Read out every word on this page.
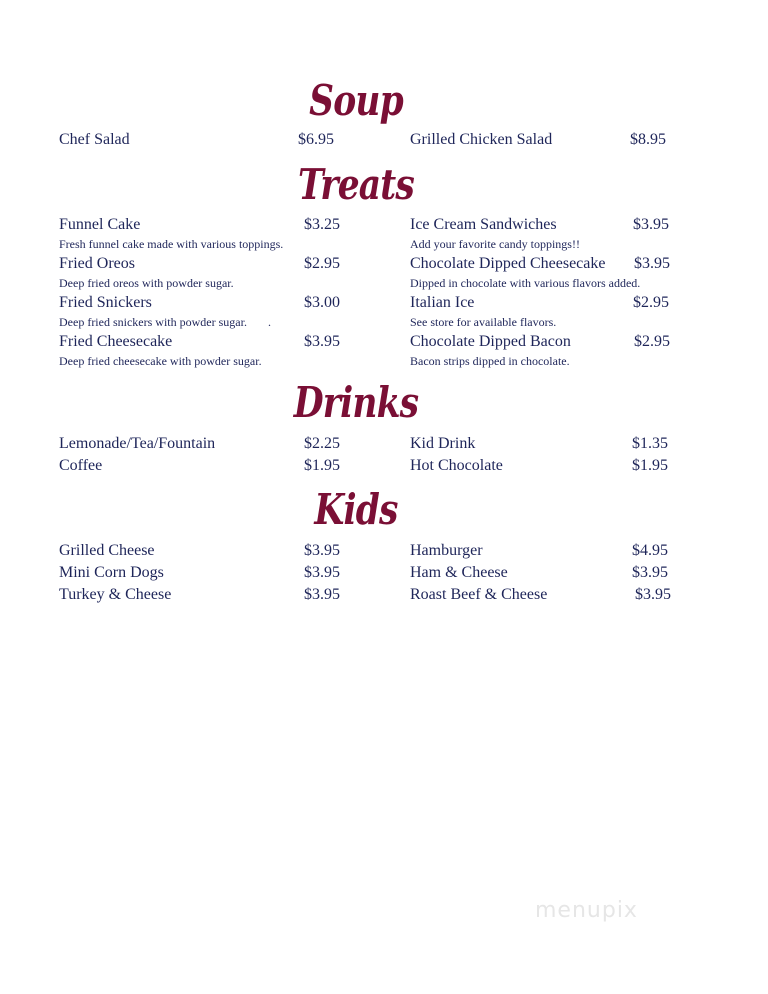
Soup
Chef Salad	$6.95	Grilled Chicken Salad	$8.95
Treats
Funnel Cake	$3.25
Fresh funnel cake made with various toppings.
Fried Oreos	$2.95
Deep fried oreos with powder sugar.
Fried Snickers	$3.00
Deep fried snickers with powder sugar.       .
Fried Cheesecake	$3.95
Deep fried cheesecake with powder sugar.
Ice Cream Sandwiches	$3.95
Add your favorite candy toppings!!
Chocolate Dipped Cheesecake $3.95
Dipped in chocolate with various flavors added.
Italian Ice	$2.95
See store for available flavors.
Chocolate Dipped Bacon	$2.95
Bacon strips dipped in chocolate.
Drinks
Lemonade/Tea/Fountain	$2.25
Coffee	$1.95
Kid Drink	$1.35
Hot Chocolate	$1.95
Kids
Grilled Cheese	$3.95
Mini Corn Dogs	$3.95
Turkey & Cheese	$3.95
Hamburger	$4.95
Ham & Cheese	$3.95
Roast Beef & Cheese	$3.95
menupix
